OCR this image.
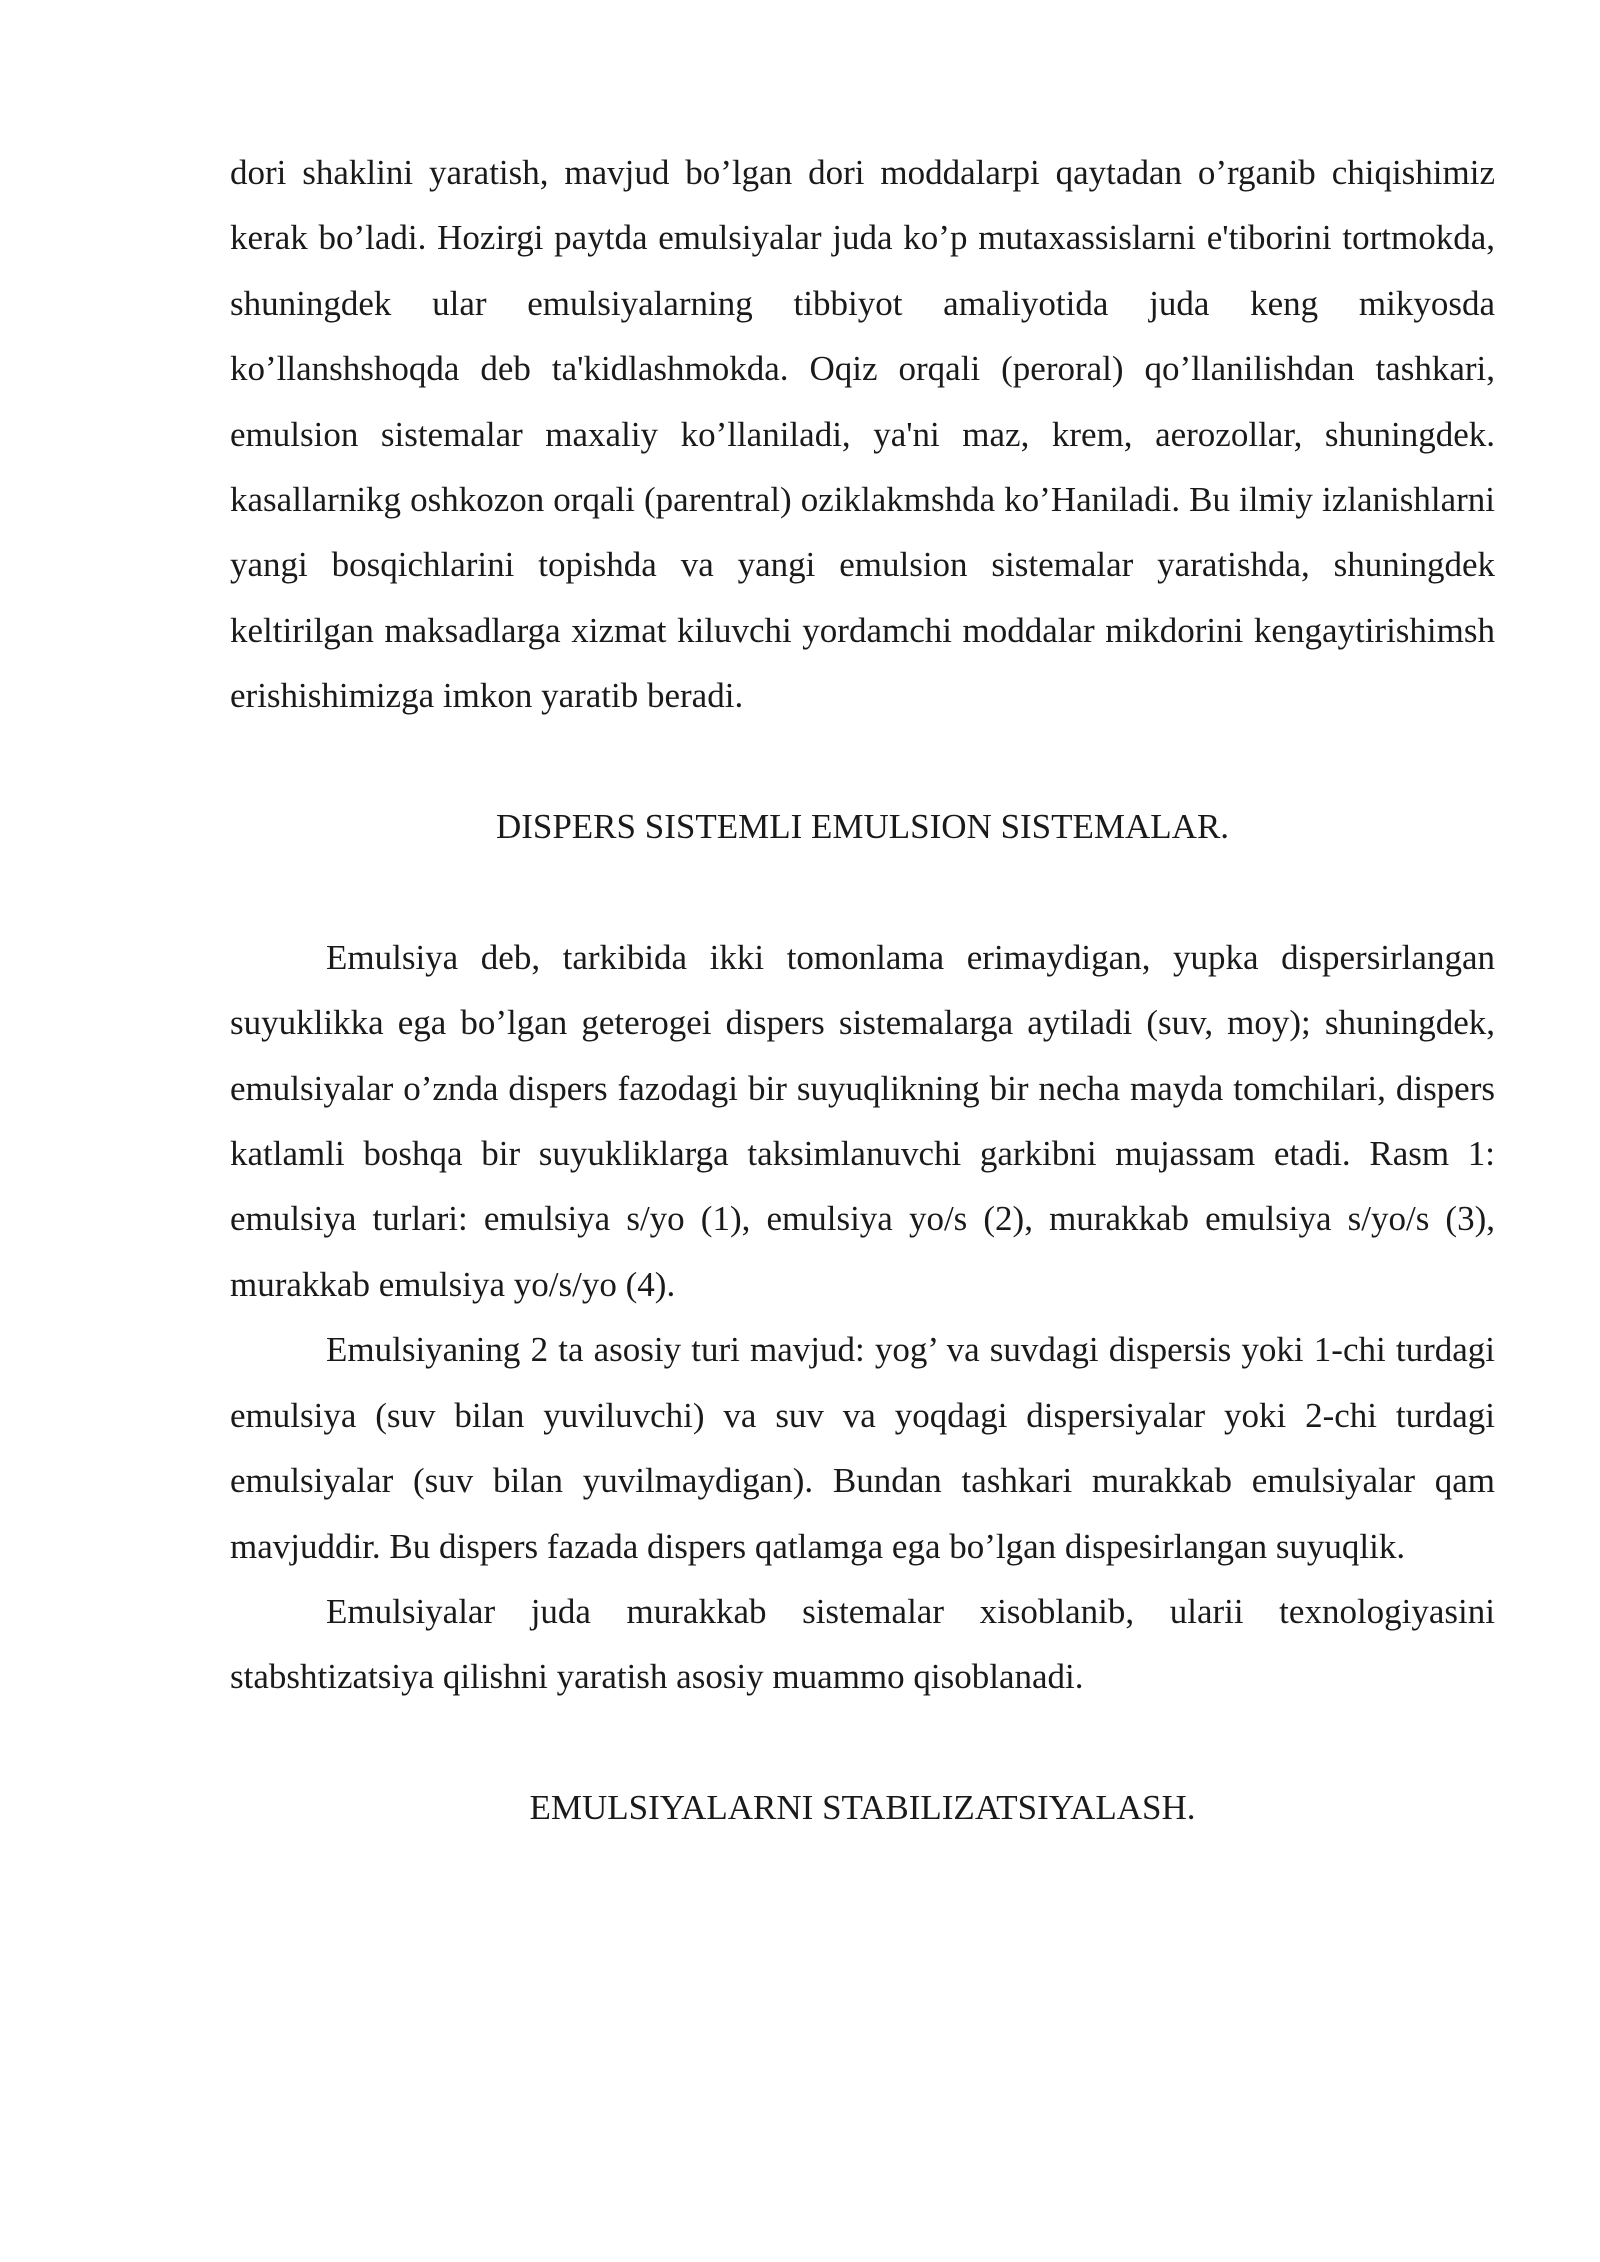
dori shaklini yaratish, mavjud bo’lgan dori moddalarpi qaytadan o’rganib chiqishimiz kerak bo’ladi. Hozirgi paytda emulsiyalar juda ko’p mutaxassislarni e'tiborini tortmokda, shuningdek ular emulsiyalarning tibbiyot amaliyotida juda keng mikyosda ko’llanshshoqda deb ta'kidlashmokda. Oqiz orqali (peroral) qo’llanilishdan tashkari, emulsion sistemalar maxaliy ko’llaniladi, ya'ni maz, krem, aerozollar, shuningdek. kasallarnikg oshkozon orqali (parentral) oziklakmshda ko’Haniladi. Bu ilmiy izlanishlarni yangi bosqichlarini topishda va yangi emulsion sistemalar yaratishda, shuningdek keltirilgan maksadlarga xizmat kiluvchi yordamchi moddalar mikdorini kengaytirishimsh erishishimizga imkon yaratib beradi.

DISPERS SISTEMLI EMULSION SISTEMALAR.

Emulsiya deb, tarkibida ikki tomonlama erimaydigan, yupka dispersirlangan suyuklikka ega bo’lgan geterogei dispers sistemalarga aytiladi (suv, moy); shuningdek, emulsiyalar o’znda dispers fazodagi bir suyuqlikning bir necha mayda tomchilari, dispers katlamli boshqa bir suyukliklarga taksimlanuvchi garkibni mujassam etadi. Rasm 1: emulsiya turlari: emulsiya s/yo (1), emulsiya yo/s (2), murakkab emulsiya s/yo/s (3), murakkab emulsiya yo/s/yo (4).

Emulsiyaning 2 ta asosiy turi mavjud: yog’ va suvdagi dispersis yoki 1-chi turdagi emulsiya (suv bilan yuviluvchi) va suv va yoqdagi dispersiyalar yoki 2-chi turdagi emulsiyalar (suv bilan yuvilmaydigan). Bundan tashkari murakkab emulsiyalar qam mavjuddir. Bu dispers fazada dispers qatlamga ega bo’lgan dispesirlangan suyuqlik.

Emulsiyalar juda murakkab sistemalar xisoblanib, ularii texnologiyasini stabshtizatsiya qilishni yaratish asosiy muammo qisoblanadi.

EMULSIYALARNI STABILIZATSIYALASH.
